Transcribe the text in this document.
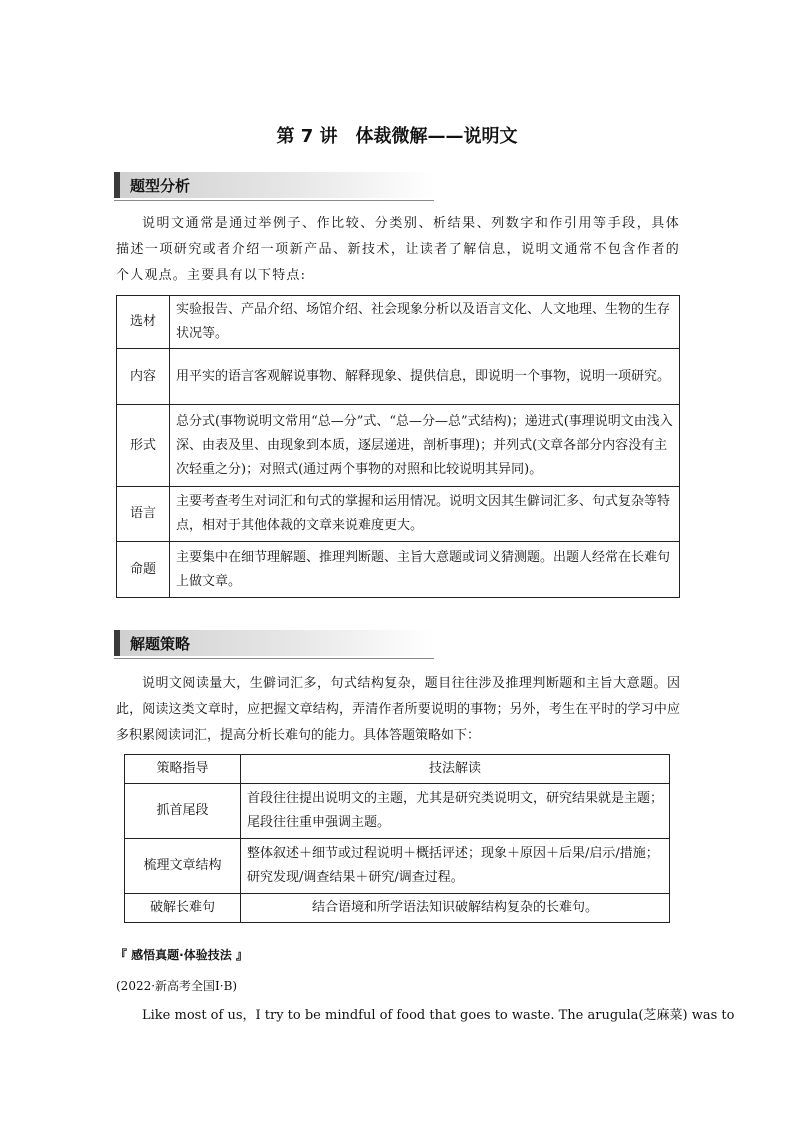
第 7 讲　体裁微解——说明文
题型分析

说明文通常是通过举例子、作比较、分类别、析结果、列数字和作引用等手段，具体描述一项研究或者介绍一项新产品、新技术，让读者了解信息，说明文通常不包含作者的个人观点。主要具有以下特点:

选材	实验报告、产品介绍、场馆介绍、社会现象分析以及语言文化、人文地理、生物的生存状况等。
内容	用平实的语言客观解说事物、解释现象、提供信息，即说明一个事物，说明一项研究。
形式	总分式(事物说明文常用“总—分”式、“总—分—总”式结构)；递进式(事理说明文由浅入深、由表及里、由现象到本质，逐层递进，剖析事理)；并列式(文章各部分内容没有主次轻重之分)；对照式(通过两个事物的对照和比较说明其异同)。
语言	主要考查考生对词汇和句式的掌握和运用情况。说明文因其生僻词汇多、句式复杂等特点，相对于其他体裁的文章来说难度更大。
命题	主要集中在细节理解题、推理判断题、主旨大意题或词义猜测题。出题人经常在长难句上做文章。
解题策略

说明文阅读量大，生僻词汇多，句式结构复杂，题目往往涉及推理判断题和主旨大意题。因此，阅读这类文章时，应把握文章结构，弄清作者所要说明的事物；另外，考生在平时的学习中应多积累阅读词汇，提高分析长难句的能力。具体答题策略如下：

策略指导	技法解读
抓首尾段	首段往往提出说明文的主题，尤其是研究类说明文，研究结果就是主题；尾段往往重申强调主题。
梳理文章结构	整体叙述＋细节或过程说明＋概括评述；现象＋原因＋后果/启示/措施；研究发现/调查结果＋研究/调查过程。
破解长难句	结合语境和所学语法知识破解结构复杂的长难句。
『 感悟真题·体验技法 』
(2022·新高考全国Ⅰ·B)
Like most of us，I try to be mindful of food that goes to waste. The arugula(芝麻菜) was to
